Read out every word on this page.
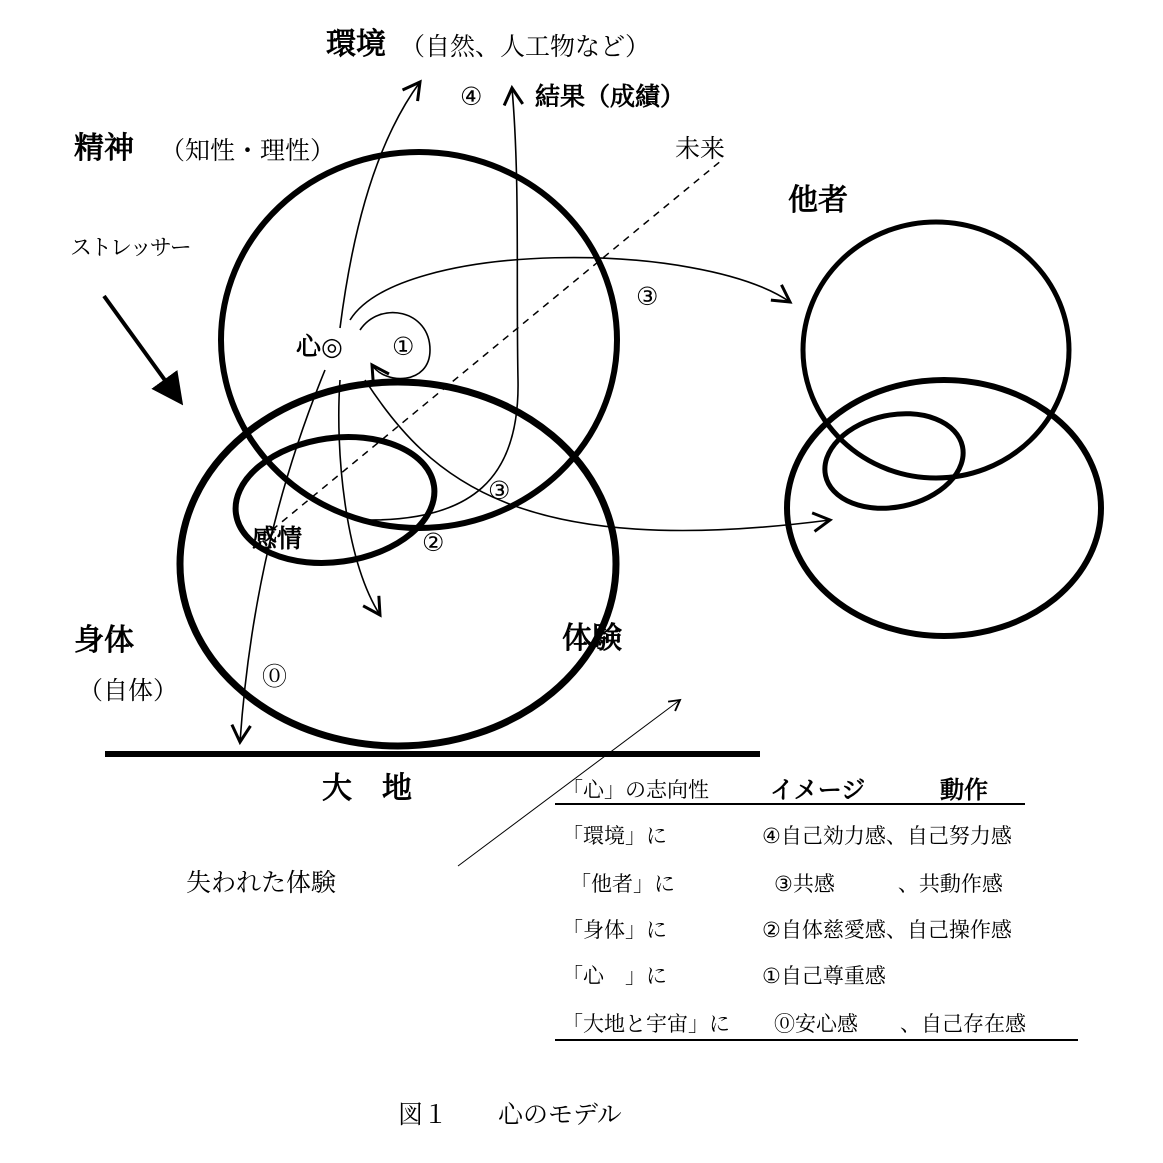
環境 （自然、人工物など）
④ 結果（成績）
精神 （知性・理性）	未来
他者
ストレッサー
心◎ ①
③
③
②
感情
身体
（自体）
体験
⓪
大　地
失われた体験
「心」の志向性	イメージ	動作
「環境」に	④自己効力感、自己努力感
「他者」に	③共感　　　、共動作感
「身体」に	②自体慈愛感、自己操作感
「心　」に	①自己尊重感
「大地と宇宙」に ⓪安心感　　、自己存在感
図１　　心のモデル
